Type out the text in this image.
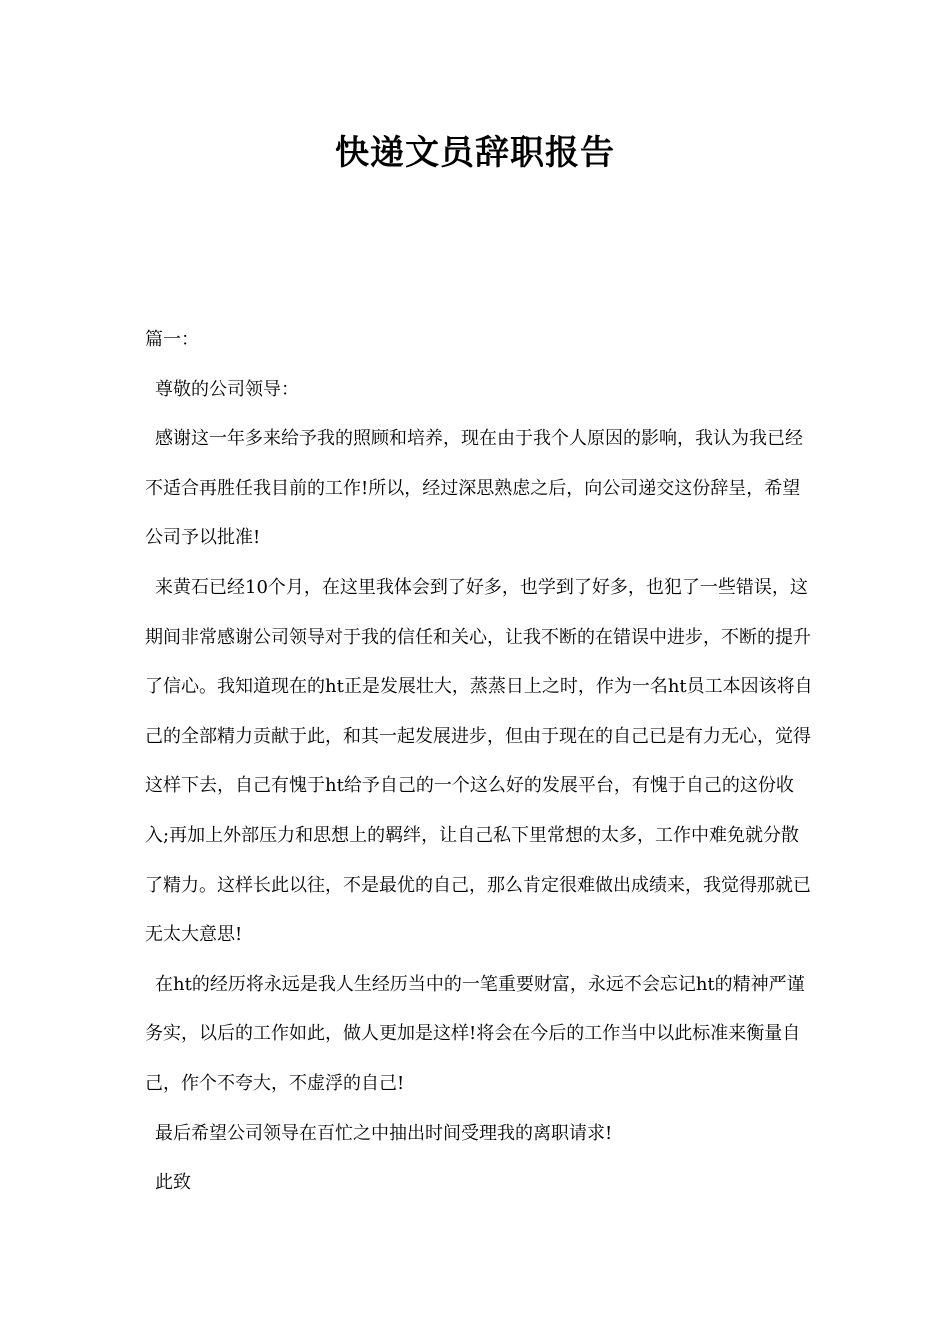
快递文员辞职报告

篇一：

尊敬的公司领导：

感谢这一年多来给予我的照顾和培养，现在由于我个人原因的影响，我认为我已经不适合再胜任我目前的工作!所以，经过深思熟虑之后，向公司递交这份辞呈，希望公司予以批准!

来黄石已经10个月，在这里我体会到了好多，也学到了好多，也犯了一些错误，这期间非常感谢公司领导对于我的信任和关心，让我不断的在错误中进步，不断的提升了信心。我知道现在的ht正是发展壮大，蒸蒸日上之时，作为一名ht员工本因该将自己的全部精力贡献于此，和其一起发展进步，但由于现在的自己已是有力无心，觉得这样下去，自己有愧于ht给予自己的一个这么好的发展平台，有愧于自己的这份收入;再加上外部压力和思想上的羁绊，让自己私下里常想的太多，工作中难免就分散了精力。这样长此以往，不是最优的自己，那么肯定很难做出成绩来，我觉得那就已无太大意思!

在ht的经历将永远是我人生经历当中的一笔重要财富，永远不会忘记ht的精神严谨务实，以后的工作如此，做人更加是这样!将会在今后的工作当中以此标准来衡量自己，作个不夸大，不虚浮的自己!

最后希望公司领导在百忙之中抽出时间受理我的离职请求!

此致
